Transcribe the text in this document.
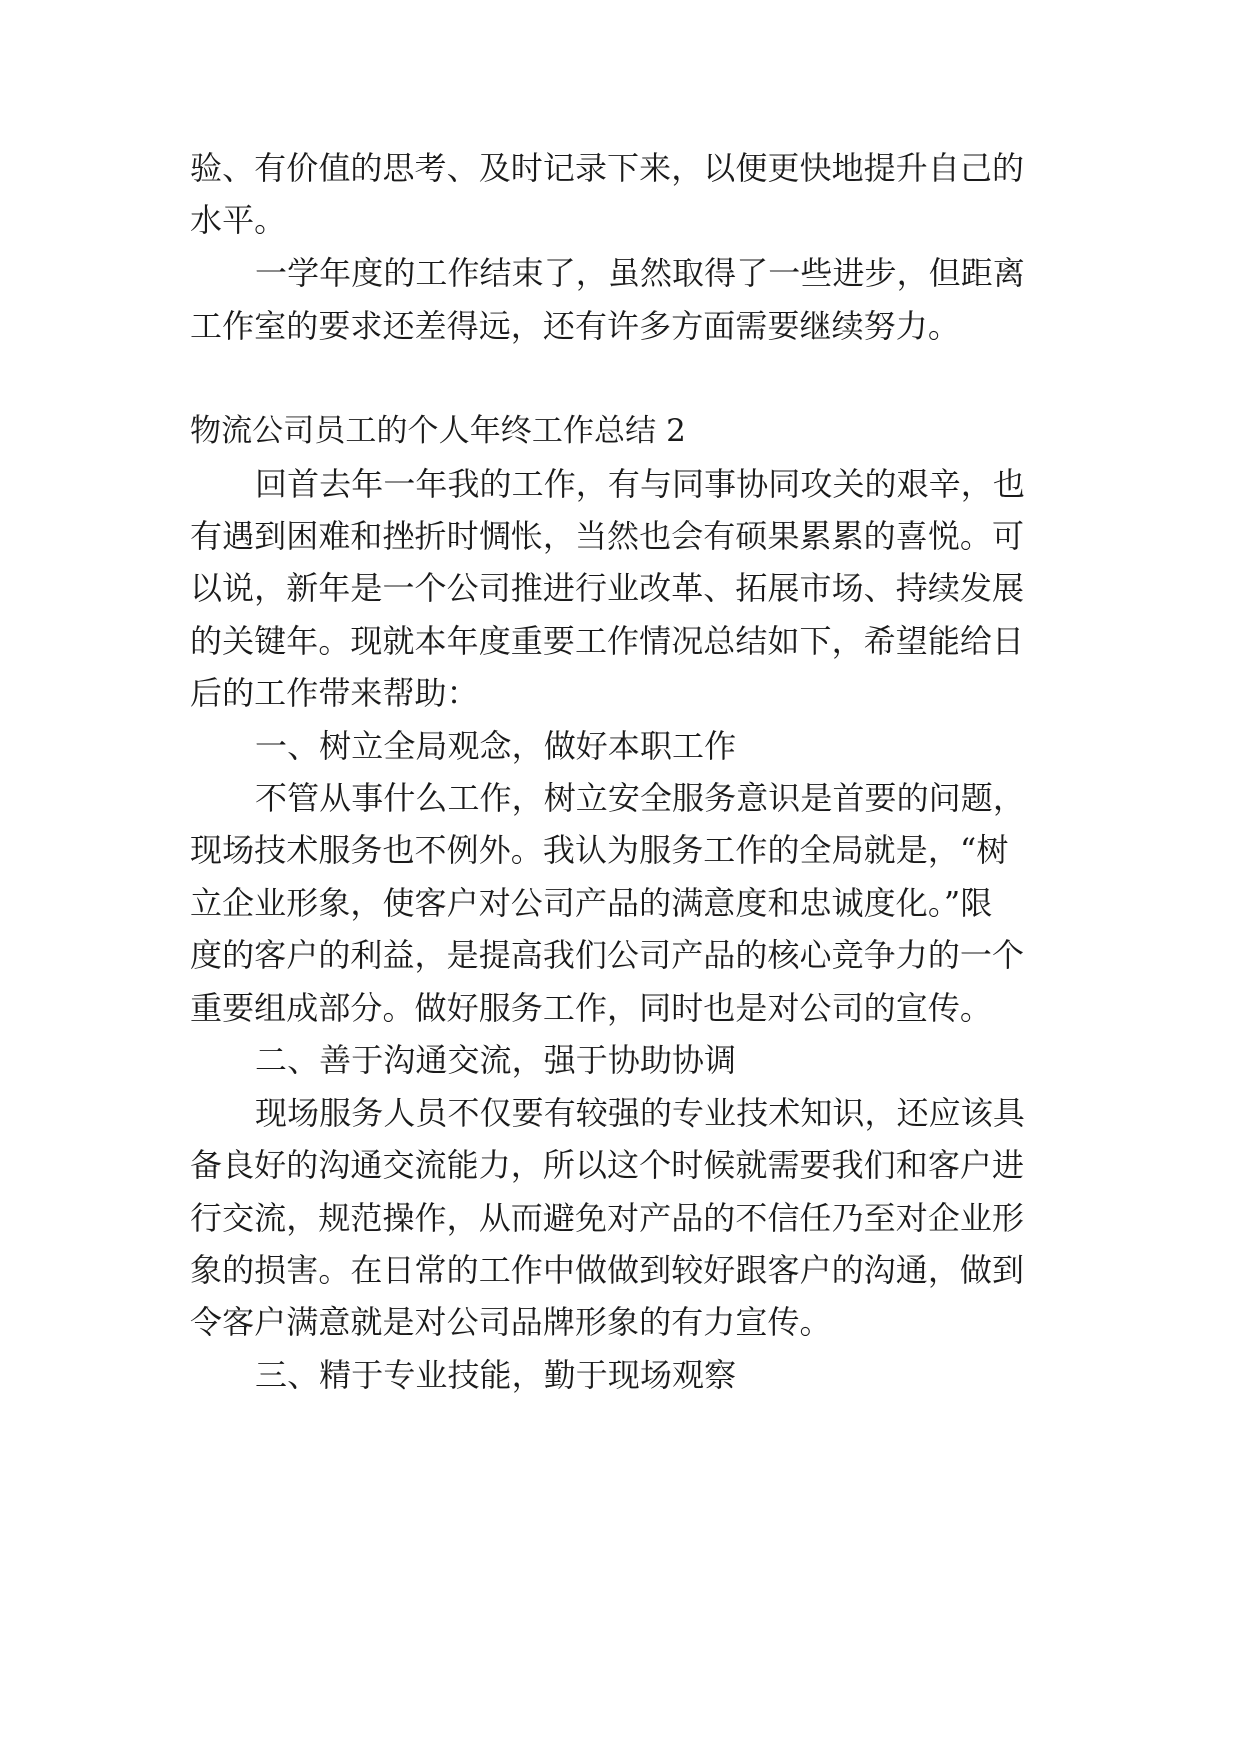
验、有价值的思考、及时记录下来，以便更快地提升自己的
水平。
一学年度的工作结束了，虽然取得了一些进步，但距离
工作室的要求还差得远，还有许多方面需要继续努力。
物流公司员工的个人年终工作总结 2
回首去年一年我的工作，有与同事协同攻关的艰辛，也
有遇到困难和挫折时惆怅，当然也会有硕果累累的喜悦。可
以说，新年是一个公司推进行业改革、拓展市场、持续发展
的关键年。现就本年度重要工作情况总结如下，希望能给日
后的工作带来帮助：
一、树立全局观念，做好本职工作
不管从事什么工作，树立安全服务意识是首要的问题，
现场技术服务也不例外。我认为服务工作的全局就是，“树
立企业形象，使客户对公司产品的满意度和忠诚度化。”限
度的客户的利益，是提高我们公司产品的核心竞争力的一个
重要组成部分。做好服务工作，同时也是对公司的宣传。
二、善于沟通交流，强于协助协调
现场服务人员不仅要有较强的专业技术知识，还应该具
备良好的沟通交流能力，所以这个时候就需要我们和客户进
行交流，规范操作，从而避免对产品的不信任乃至对企业形
象的损害。在日常的工作中做做到较好跟客户的沟通，做到
令客户满意就是对公司品牌形象的有力宣传。
三、精于专业技能，勤于现场观察
